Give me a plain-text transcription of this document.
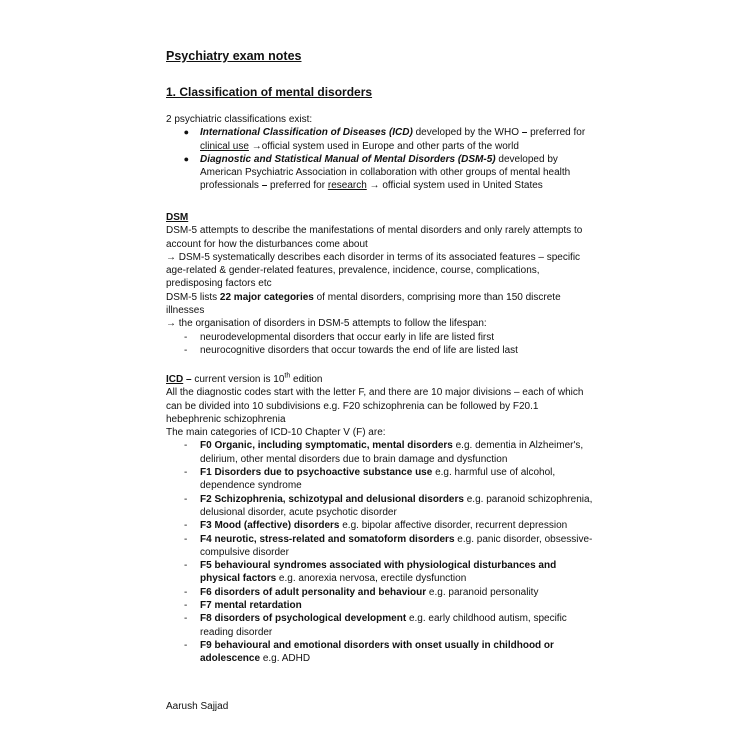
Psychiatry exam notes
1. Classification of mental disorders

2 psychiatric classifications exist:

●	International Classification of Diseases (ICD) developed by the WHO – preferred for clinical use →official system used in Europe and other parts of the world
●	Diagnostic and Statistical Manual of Mental Disorders (DSM-5) developed by American Psychiatric Association in collaboration with other groups of mental health professionals – preferred for research → official system used in United States

DSM

DSM-5 attempts to describe the manifestations of mental disorders and only rarely attempts to account for how the disturbances come about

→ DSM-5 systematically describes each disorder in terms of its associated features – specific age-related & gender-related features, prevalence, incidence, course, complications, predisposing factors etc

DSM-5 lists 22 major categories of mental disorders, comprising more than 150 discrete illnesses

→ the organisation of disorders in DSM-5 attempts to follow the lifespan:

-	neurodevelopmental disorders that occur early in life are listed first
-	neurocognitive disorders that occur towards the end of life are listed last

ICD – current version is 10th edition

All the diagnostic codes start with the letter F, and there are 10 major divisions – each of which can be divided into 10 subdivisions e.g. F20 schizophrenia can be followed by F20.1 hebephrenic schizophrenia

The main categories of ICD-10 Chapter V (F) are:

-	F0 Organic, including symptomatic, mental disorders e.g. dementia in Alzheimer's, delirium, other mental disorders due to brain damage and dysfunction
-	F1 Disorders due to psychoactive substance use e.g. harmful use of alcohol, dependence syndrome
-	F2 Schizophrenia, schizotypal and delusional disorders e.g. paranoid schizophrenia, delusional disorder, acute psychotic disorder
-	F3 Mood (affective) disorders e.g. bipolar affective disorder, recurrent depression
-	F4 neurotic, stress-related and somatoform disorders e.g. panic disorder, obsessive-compulsive disorder
-	F5 behavioural syndromes associated with physiological disturbances and physical factors e.g. anorexia nervosa, erectile dysfunction
-	F6 disorders of adult personality and behaviour e.g. paranoid personality
-	F7 mental retardation
-	F8 disorders of psychological development e.g. early childhood autism, specific reading disorder
-	F9 behavioural and emotional disorders with onset usually in childhood or adolescence e.g. ADHD
Aarush Sajjad
